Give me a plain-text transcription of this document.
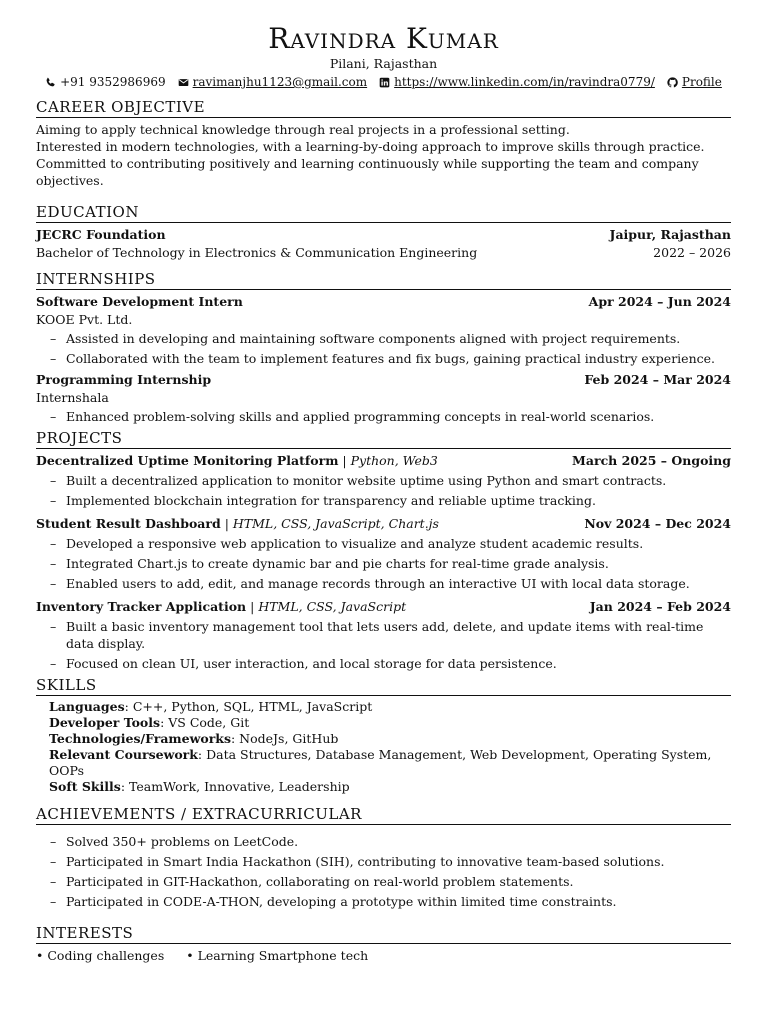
Ravindra Kumar
Pilani, Rajasthan
+91 9352986969 ravimanjhu1123@gmail.com https://www.linkedin.com/in/ravindra0779/ Profile
CAREER OBJECTIVE
Aiming to apply technical knowledge through real projects in a professional setting.
Interested in modern technologies, with a learning-by-doing approach to improve skills through practice.
Committed to contributing positively and learning continuously while supporting the team and company objectives.
EDUCATION
JECRC Foundation	Jaipur, Rajasthan
Bachelor of Technology in Electronics & Communication Engineering	2022 – 2026
INTERNSHIPS
Software Development Intern	Apr 2024 – Jun 2024
KOOE Pvt. Ltd.
– Assisted in developing and maintaining software components aligned with project requirements.
– Collaborated with the team to implement features and fix bugs, gaining practical industry experience.
Programming Internship	Feb 2024 – Mar 2024
Internshala
– Enhanced problem-solving skills and applied programming concepts in real-world scenarios.
PROJECTS
Decentralized Uptime Monitoring Platform | Python, Web3	March 2025 – Ongoing
– Built a decentralized application to monitor website uptime using Python and smart contracts.
– Implemented blockchain integration for transparency and reliable uptime tracking.
Student Result Dashboard | HTML, CSS, JavaScript, Chart.js	Nov 2024 – Dec 2024
– Developed a responsive web application to visualize and analyze student academic results.
– Integrated Chart.js to create dynamic bar and pie charts for real-time grade analysis.
– Enabled users to add, edit, and manage records through an interactive UI with local data storage.
Inventory Tracker Application | HTML, CSS, JavaScript	Jan 2024 – Feb 2024
– Built a basic inventory management tool that lets users add, delete, and update items with real-time data display.
– Focused on clean UI, user interaction, and local storage for data persistence.
SKILLS
Languages: C++, Python, SQL, HTML, JavaScript
Developer Tools: VS Code, Git
Technologies/Frameworks: NodeJs, GitHub
Relevant Coursework: Data Structures, Database Management, Web Development, Operating System, OOPs
Soft Skills: TeamWork, Innovative, Leadership
ACHIEVEMENTS / EXTRACURRICULAR
– Solved 350+ problems on LeetCode.
– Participated in Smart India Hackathon (SIH), contributing to innovative team-based solutions.
– Participated in GIT-Hackathon, collaborating on real-world problem statements.
– Participated in CODE-A-THON, developing a prototype within limited time constraints.
INTERESTS
• Coding challenges
•	Learning Smartphone tech
